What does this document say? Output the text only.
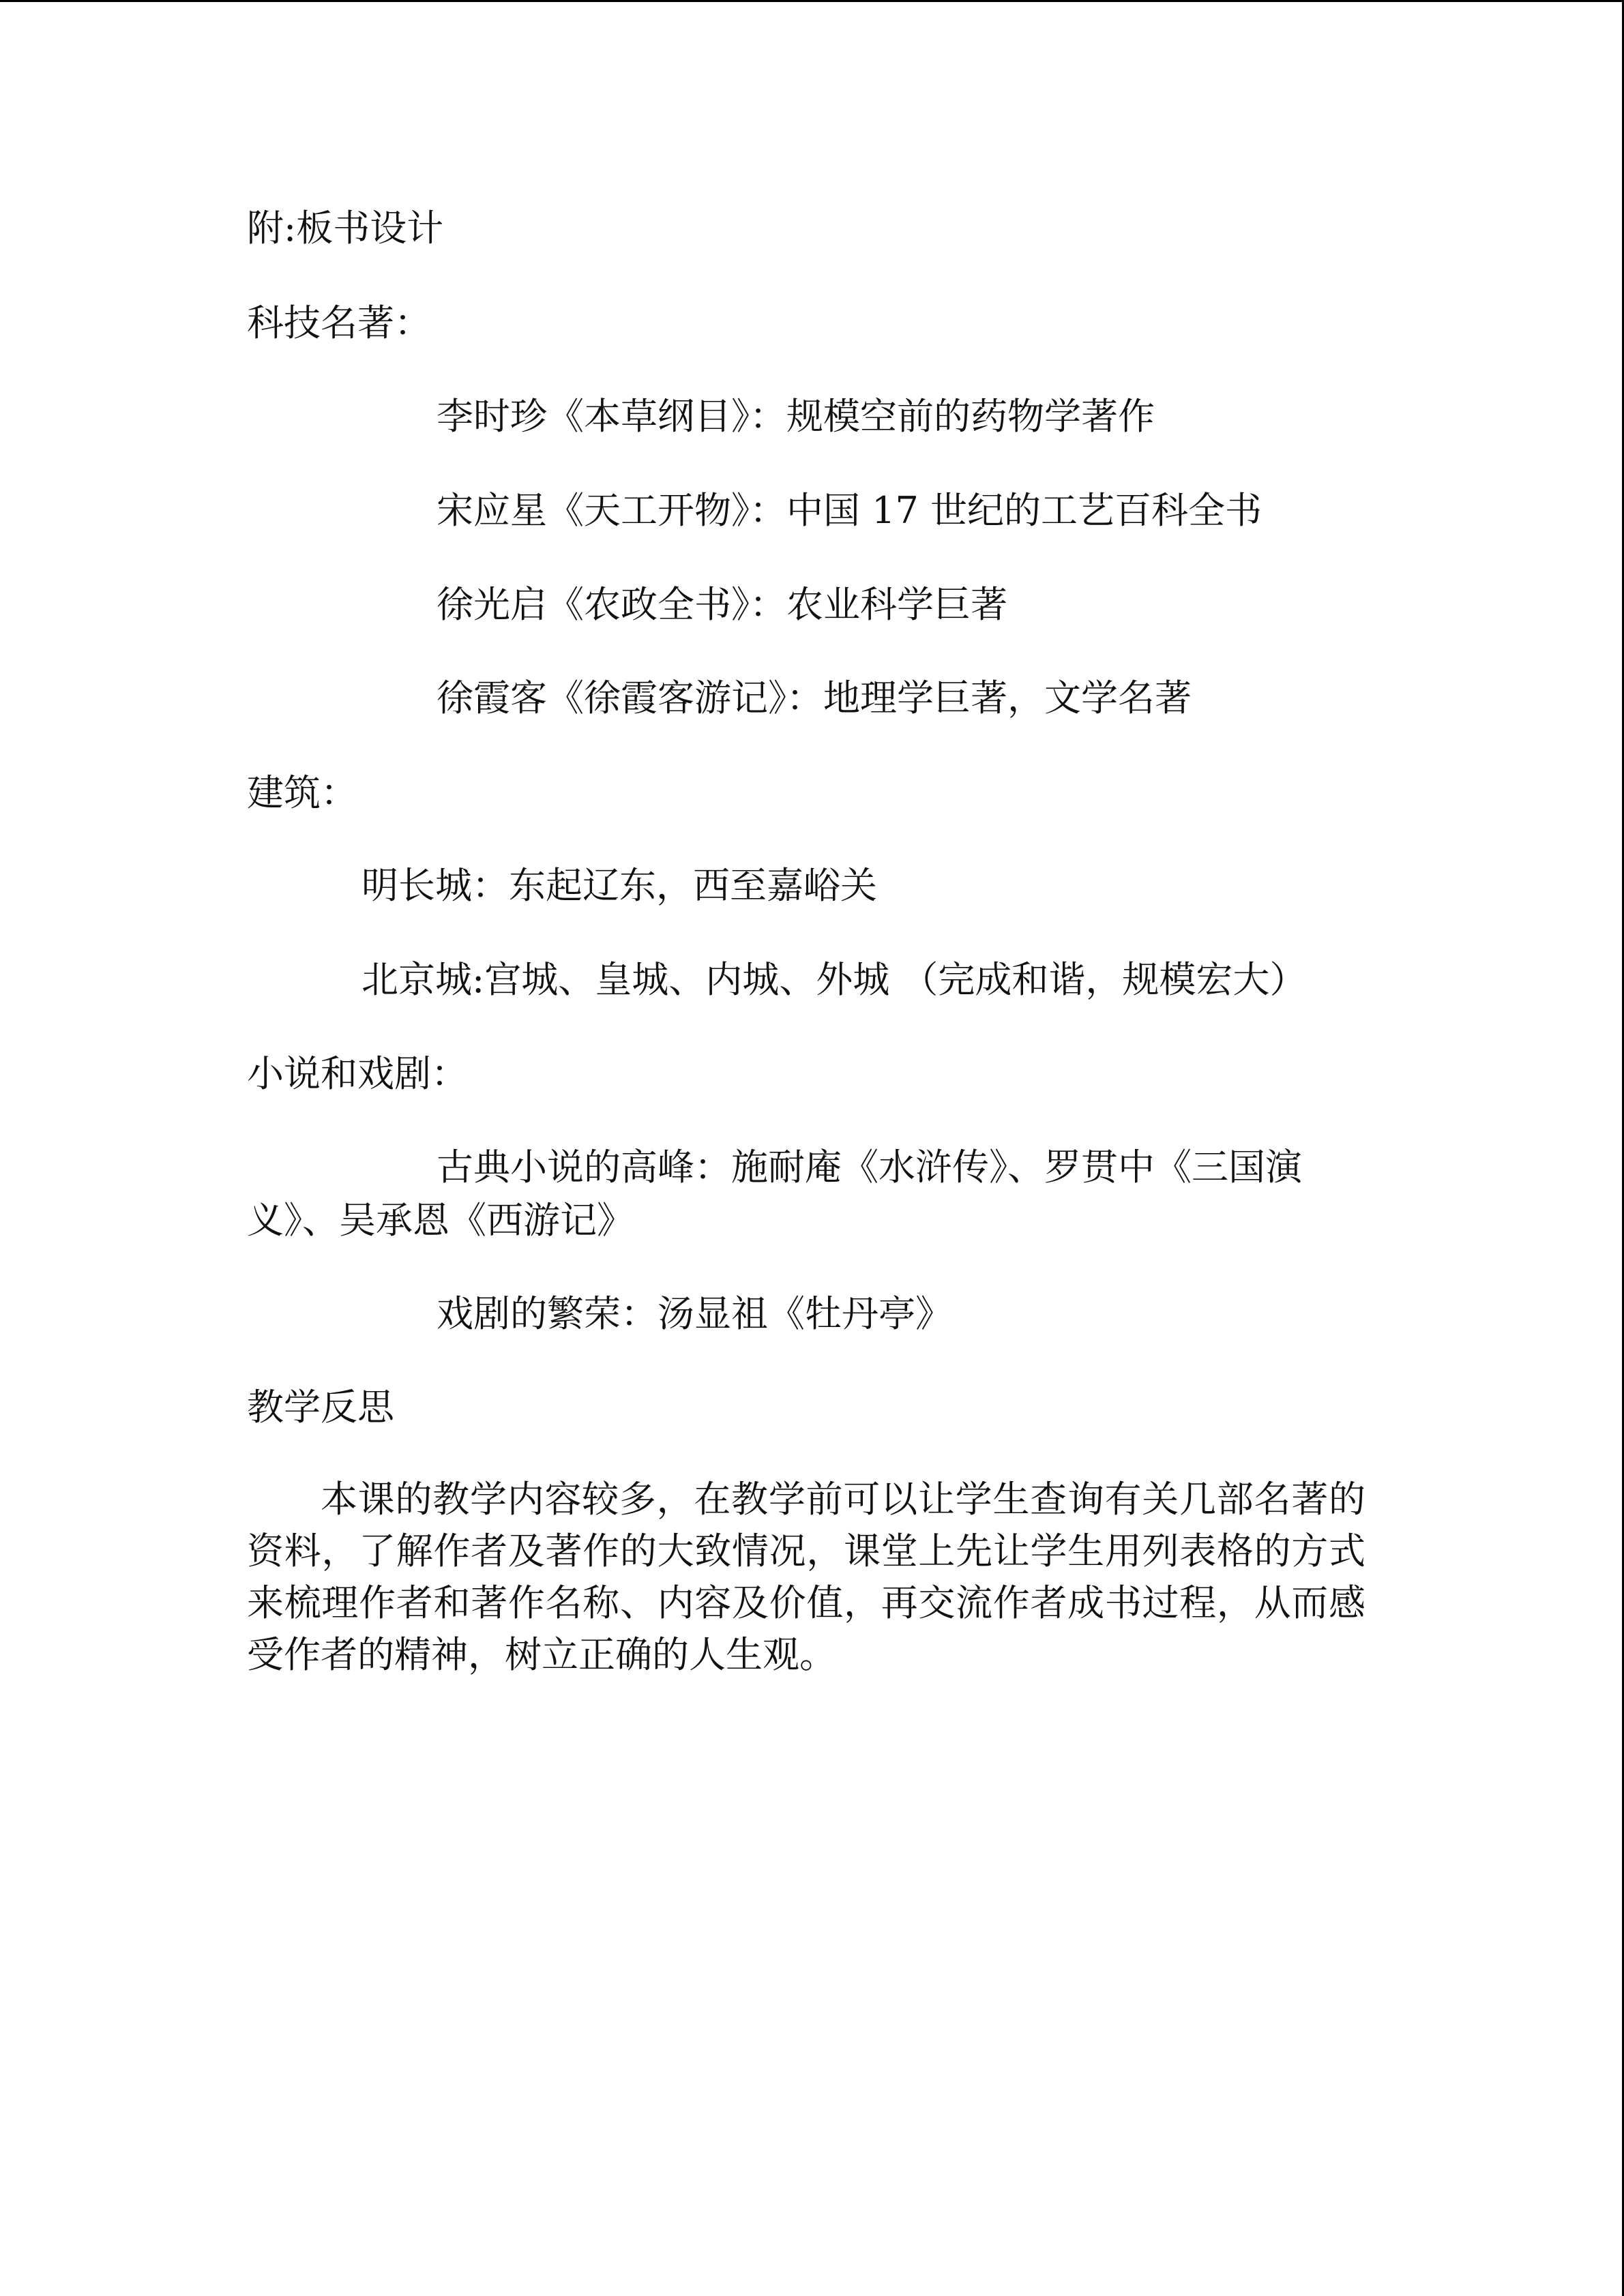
附:板书设计
科技名著：
李时珍《本草纲目》：规模空前的药物学著作
宋应星《天工开物》：中国 17 世纪的工艺百科全书
徐光启《农政全书》：农业科学巨著
徐霞客《徐霞客游记》：地理学巨著，文学名著
建筑：
明长城：东起辽东，西至嘉峪关
北京城:宫城、皇城、内城、外城 （完成和谐，规模宏大）
小说和戏剧：
古典小说的高峰：施耐庵《水浒传》、罗贯中《三国演
义》、吴承恩《西游记》
戏剧的繁荣：汤显祖《牡丹亭》
教学反思
本课的教学内容较多，在教学前可以让学生查询有关几部名著的资料，了解作者及著作的大致情况，课堂上先让学生用列表格的方式来梳理作者和著作名称、内容及价值，再交流作者成书过程，从而感受作者的精神，树立正确的人生观。
